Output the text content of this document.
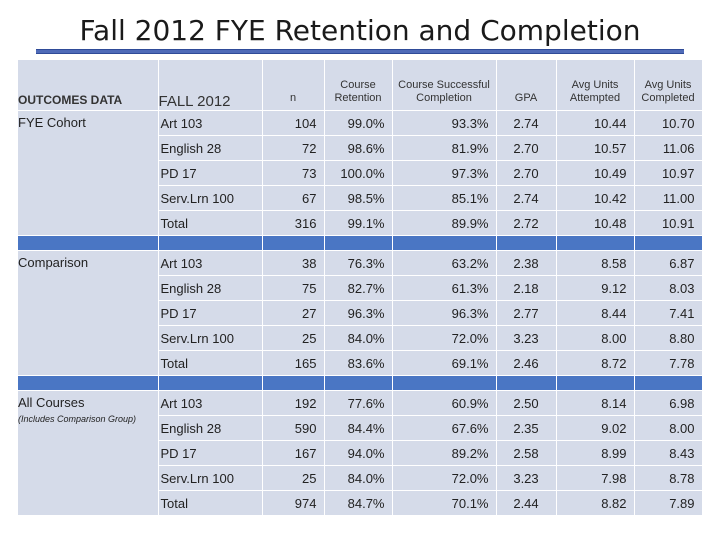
Fall 2012 FYE Retention and Completion
OUTCOMES DATA	FALL 2012	n	Course Retention	Course Successful Completion	GPA	Avg Units Attempted	Avg Units Completed
FYE Cohort	Art 103	104	99.0%	93.3%	2.74	10.44	10.70
	English 28	72	98.6%	81.9%	2.70	10.57	11.06
	PD 17	73	100.0%	97.3%	2.70	10.49	10.97
	Serv.Lrn 100	67	98.5%	85.1%	2.74	10.42	11.00
	Total	316	99.1%	89.9%	2.72	10.48	10.91

Comparison	Art 103	38	76.3%	63.2%	2.38	8.58	6.87
	English 28	75	82.7%	61.3%	2.18	9.12	8.03
	PD 17	27	96.3%	96.3%	2.77	8.44	7.41
	Serv.Lrn 100	25	84.0%	72.0%	3.23	8.00	8.80
	Total	165	83.6%	69.1%	2.46	8.72	7.78

All Courses
(Includes Comparison Group)	Art 103	192	77.6%	60.9%	2.50	8.14	6.98
	English 28	590	84.4%	67.6%	2.35	9.02	8.00
	PD 17	167	94.0%	89.2%	2.58	8.99	8.43
	Serv.Lrn 100	25	84.0%	72.0%	3.23	7.98	8.78
	Total	974	84.7%	70.1%	2.44	8.82	7.89
